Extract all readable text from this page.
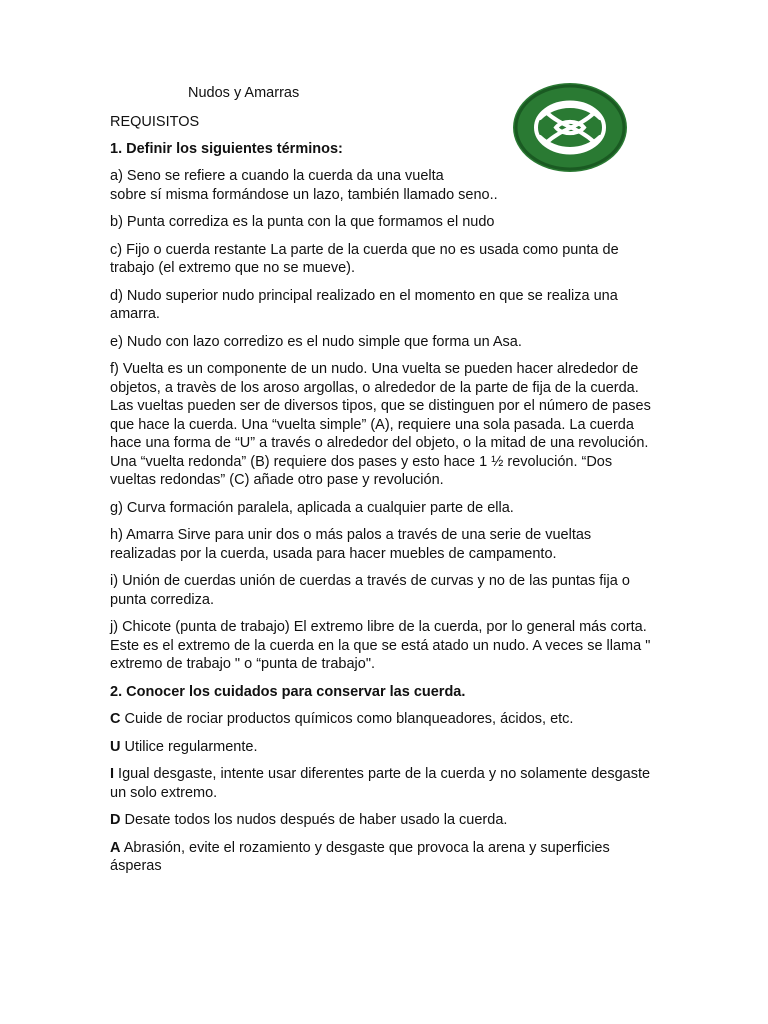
Nudos y Amarras

REQUISITOS

1. Definir los siguientes términos:

a) Seno se refiere a cuando la cuerda da una vuelta
sobre sí misma formándose un lazo, también llamado seno..

b) Punta corrediza es la punta con la que formamos el nudo

c) Fijo o cuerda restante La parte de la cuerda que no es usada como punta de trabajo (el extremo que no se mueve).

d) Nudo superior nudo principal realizado en el momento en que se realiza una amarra.

e) Nudo con lazo corredizo es el nudo simple que forma un Asa.

f) Vuelta es un componente de un nudo. Una vuelta se pueden hacer alrededor de objetos, a travès de los aroso argollas, o alrededor de la parte de fija de la cuerda. Las vueltas pueden ser de diversos tipos, que se distinguen por el número de pases que hace la cuerda. Una “vuelta simple” (A), requiere una sola pasada. La cuerda hace una forma de “U” a través o alrededor del objeto, o la mitad de una revolución. Una “vuelta redonda” (B) requiere dos pases y esto hace 1 ½ revolución. “Dos vueltas redondas” (C) añade otro pase y revolución.

g) Curva formación paralela, aplicada a cualquier parte de ella.

h) Amarra Sirve para unir dos o más palos a través de una serie de vueltas realizadas por la cuerda, usada para hacer muebles de campamento.

i) Unión de cuerdas unión de cuerdas a través de curvas y no de las puntas fija o punta corrediza.

j) Chicote (punta de trabajo) El extremo libre de la cuerda, por lo general más corta. Este es el extremo de la cuerda en la que se está atado un nudo. A veces se llama " extremo de trabajo " o “punta de trabajo".

2. Conocer los cuidados para conservar las cuerda.

C Cuide de rociar productos químicos como blanqueadores, ácidos, etc.

U Utilice regularmente.

I Igual desgaste, intente usar diferentes parte de la cuerda y no solamente desgaste un solo extremo.

D Desate todos los nudos después de haber usado la cuerda.

A Abrasión, evite el rozamiento y desgaste que provoca la arena y superficies ásperas
